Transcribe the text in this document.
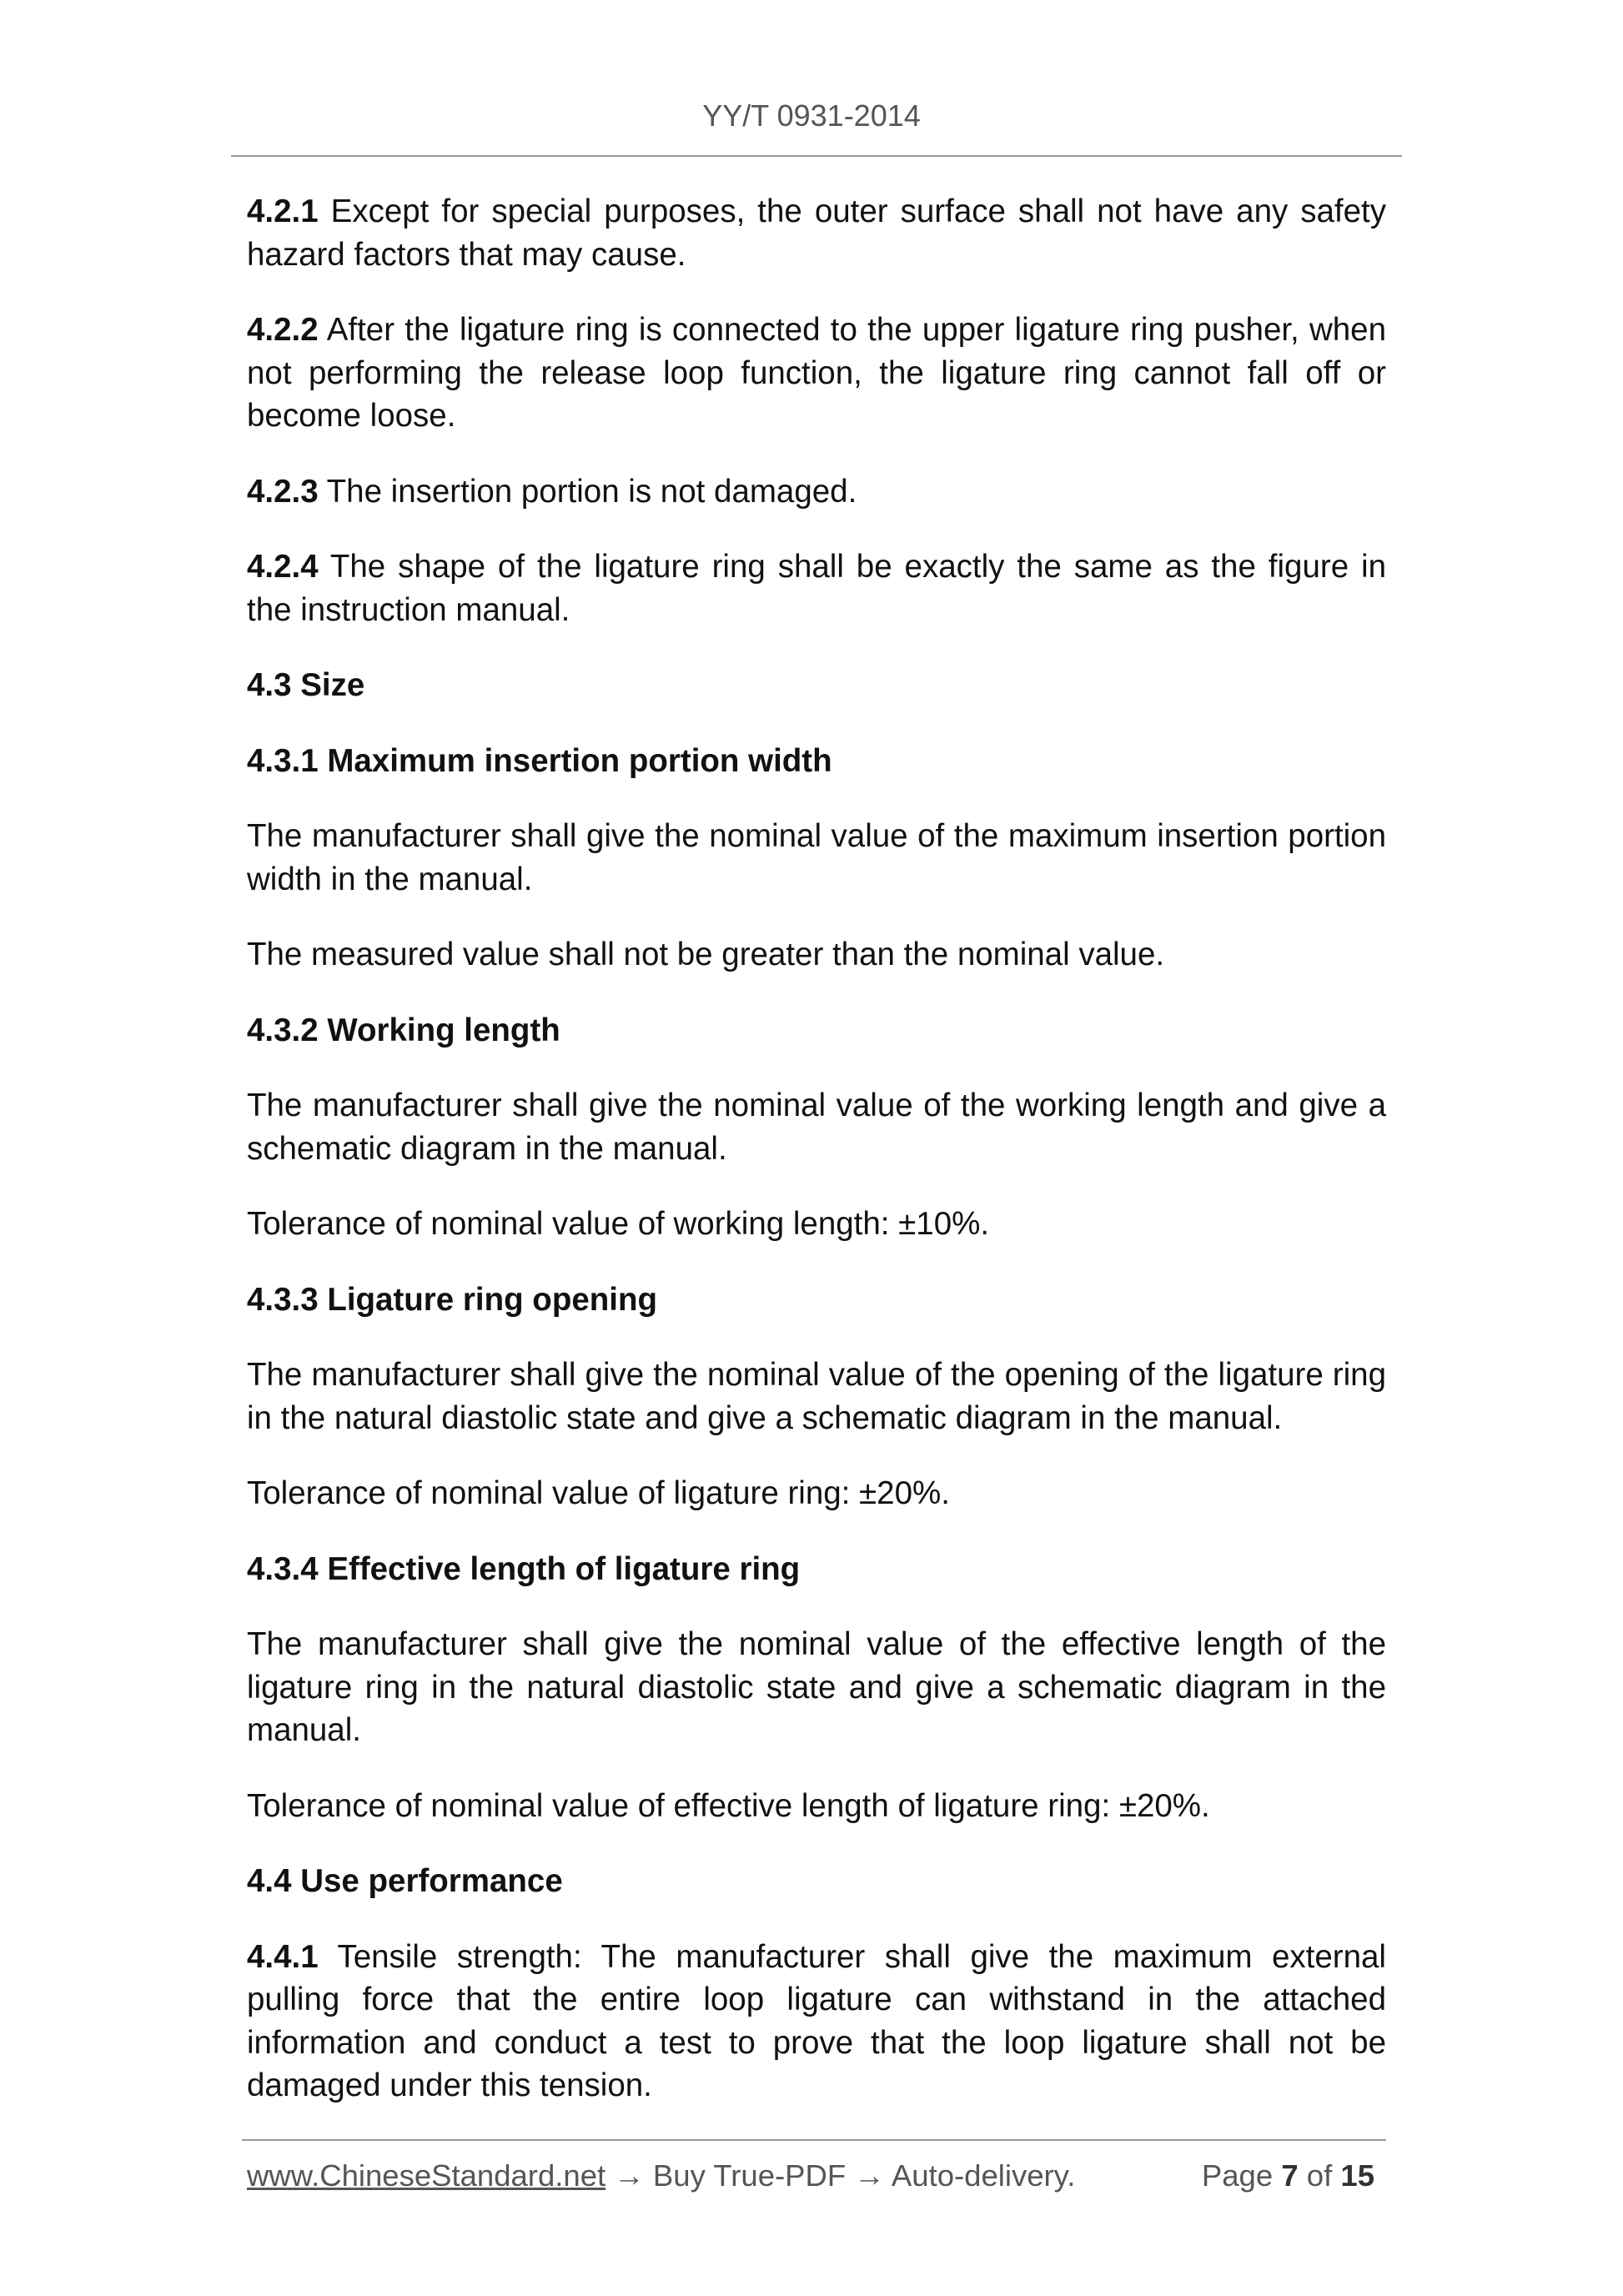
YY/T 0931-2014

4.2.1 Except for special purposes, the outer surface shall not have any safety hazard factors that may cause.

4.2.2 After the ligature ring is connected to the upper ligature ring pusher, when not performing the release loop function, the ligature ring cannot fall off or become loose.

4.2.3 The insertion portion is not damaged.

4.2.4 The shape of the ligature ring shall be exactly the same as the figure in the instruction manual.

4.3 Size

4.3.1 Maximum insertion portion width

The manufacturer shall give the nominal value of the maximum insertion portion width in the manual.

The measured value shall not be greater than the nominal value.

4.3.2 Working length

The manufacturer shall give the nominal value of the working length and give a schematic diagram in the manual.

Tolerance of nominal value of working length: ±10%.

4.3.3 Ligature ring opening

The manufacturer shall give the nominal value of the opening of the ligature ring in the natural diastolic state and give a schematic diagram in the manual.

Tolerance of nominal value of ligature ring: ±20%.

4.3.4 Effective length of ligature ring

The manufacturer shall give the nominal value of the effective length of the ligature ring in the natural diastolic state and give a schematic diagram in the manual.

Tolerance of nominal value of effective length of ligature ring: ±20%.

4.4 Use performance

4.4.1 Tensile strength: The manufacturer shall give the maximum external pulling force that the entire loop ligature can withstand in the attached information and conduct a test to prove that the loop ligature shall not be damaged under this tension.

www.ChineseStandard.net → Buy True-PDF → Auto-delivery.	Page 7 of 15
